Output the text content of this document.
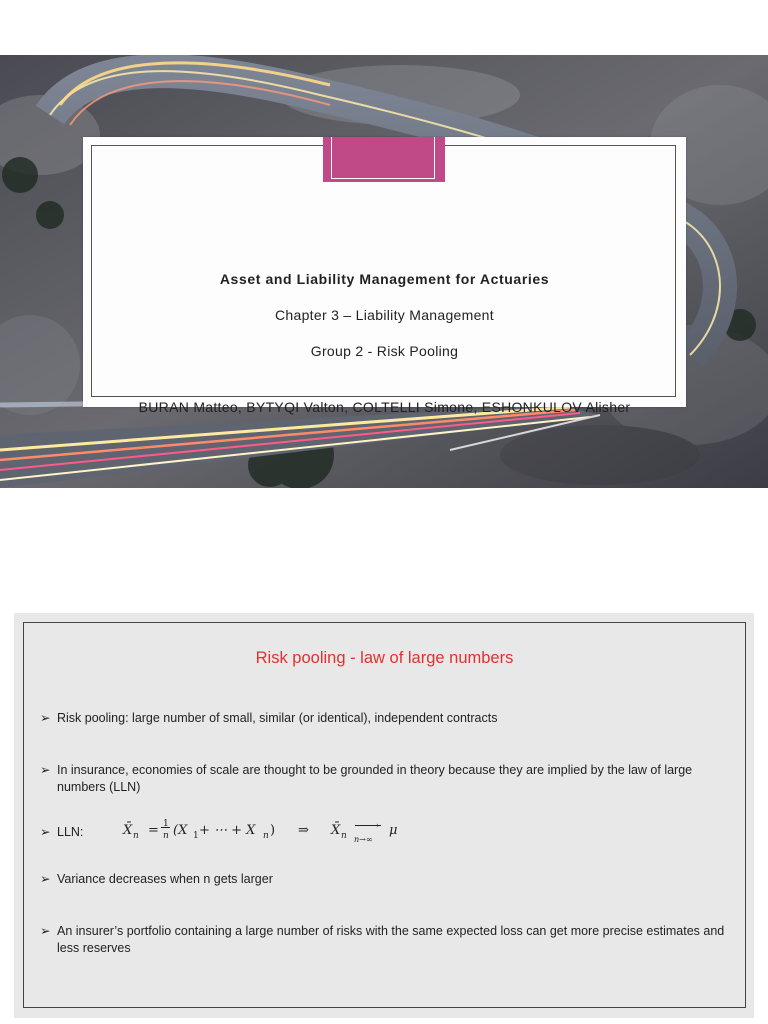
Asset and Liability Management for Actuaries
Chapter 3 – Liability Management
Group 2 - Risk Pooling
BURAN Matteo, BYTYQI Valton, COLTELLI Simone, ESHONKULOV Alisher
Risk pooling - law of large numbers
➢ Risk pooling: large number of small, similar (or identical), independent contracts
➢ In insurance, economies of scale are thought to be grounded in theory because they are implied by the law of large numbers (LLN)
➢ LLN:	X̄ n = 1
n (X 1 + ⋯ + X n ) ⇒ X̄ n
›
n→∞
μ
➢ Variance decreases when n gets larger
➢ An insurer’s portfolio containing a large number of risks with the same expected loss can get more precise estimates and less reserves
